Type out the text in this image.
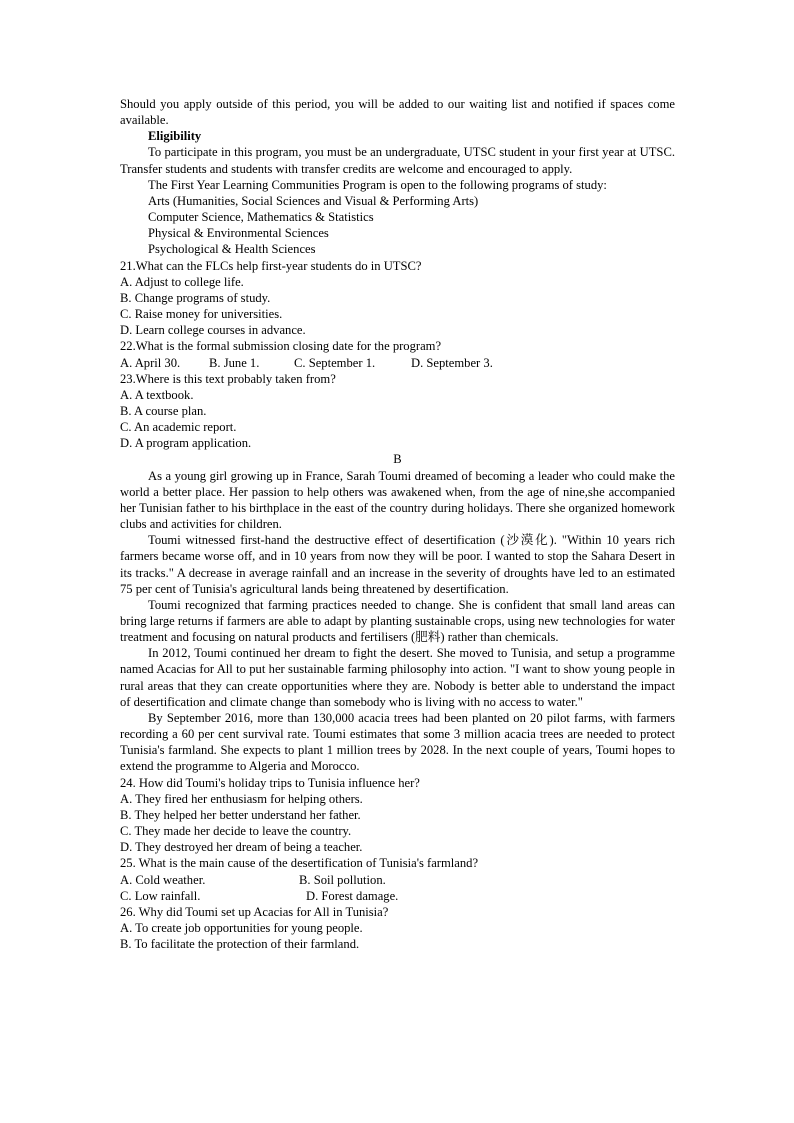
Should you apply outside of this period, you will be added to our waiting list and notified if spaces come available.

Eligibility

To participate in this program, you must be an undergraduate, UTSC student in your first year at UTSC. Transfer students and students with transfer credits are welcome and encouraged to apply.

The First Year Learning Communities Program is open to the following programs of study:

Arts (Humanities, Social Sciences and Visual & Performing Arts)

Computer Science, Mathematics & Statistics

Physical & Environmental Sciences

Psychological & Health Sciences

21.What can the FLCs help first-year students do in UTSC?

A. Adjust to college life.

B. Change programs of study.

C. Raise money for universities.

D. Learn college courses in advance.

22.What is the formal submission closing date for the program?

A. April 30.	B. June 1.	C. September 1.	D. September 3.

23.Where is this text probably taken from?

A. A textbook.

B. A course plan.

C. An academic report.

D. A program application.

B

As a young girl growing up in France, Sarah Toumi dreamed of becoming a leader who could make the world a better place. Her passion to help others was awakened when, from the age of nine,she accompanied her Tunisian father to his birthplace in the east of the country during holidays. There she organized homework clubs and activities for children.

Toumi witnessed first-hand the destructive effect of desertification (沙漠化). "Within 10 years rich farmers became worse off, and in 10 years from now they will be poor. I wanted to stop the Sahara Desert in its tracks." A decrease in average rainfall and an increase in the severity of droughts have led to an estimated 75 per cent of Tunisia's agricultural lands being threatened by desertification.

Toumi recognized that farming practices needed to change. She is confident that small land areas can bring large returns if farmers are able to adapt by planting sustainable crops, using new technologies for water treatment and focusing on natural products and fertilisers (肥料) rather than chemicals.

In 2012, Toumi continued her dream to fight the desert. She moved to Tunisia, and setup a programme named Acacias for All to put her sustainable farming philosophy into action. "I want to show young people in rural areas that they can create opportunities where they are. Nobody is better able to understand the impact of desertification and climate change than somebody who is living with no access to water."

By September 2016, more than 130,000 acacia trees had been planted on 20 pilot farms, with farmers recording a 60 per cent survival rate. Toumi estimates that some 3 million acacia trees are needed to protect Tunisia's farmland. She expects to plant 1 million trees by 2028. In the next couple of years, Toumi hopes to extend the programme to Algeria and Morocco.

24. How did Toumi's holiday trips to Tunisia influence her?

A. They fired her enthusiasm for helping others.

B. They helped her better understand her father.

C. They made her decide to leave the country.

D. They destroyed her dream of being a teacher.

25. What is the main cause of the desertification of Tunisia's farmland?

A. Cold weather.	B. Soil pollution.
C. Low rainfall.	D. Forest damage.

26. Why did Toumi set up Acacias for All in Tunisia?

A. To create job opportunities for young people.

B. To facilitate the protection of their farmland.
